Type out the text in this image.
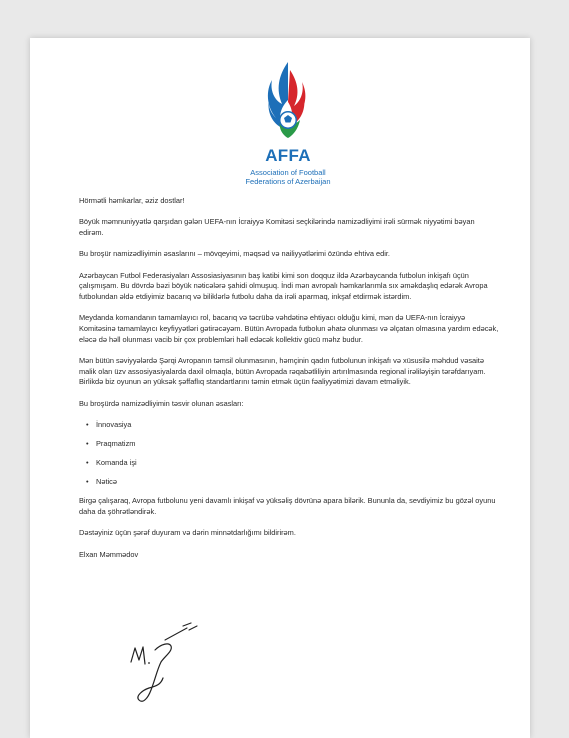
AFFA
Association of Football
Federations of Azerbaijan

Hörmətli həmkarlar, əziz dostlar!

Böyük məmnuniyyətlə qarşıdan gələn UEFA-nın İcraiyyə Komitəsi seçkilərində namizədliyimi irəli sürmək niyyətimi bəyan edirəm.

Bu broşür namizədliyimin əsaslarını – mövqeyimi, məqsəd və nailiyyətlərimi özündə ehtiva edir.

Azərbaycan Futbol Federasiyaları Assosiasiyasının baş katibi kimi son doqquz ildə Azərbaycanda futbolun inkişafı üçün çalışmışam. Bu dövrdə bəzi böyük nəticələrə şahidi olmuşuq. İndi mən avropalı həmkarlarımla sıx əməkdaşlıq edərək Avropa futbolundan əldə etdiyimiz bacarıq və biliklərlə futbolu daha da irəli aparmaq, inkşaf etdirmək istərdim.

Meydanda komandanın tamamlayıcı rol, bacarıq və təcrübə vəhdətinə ehtiyacı olduğu kimi, mən də UEFA-nın İcraiyyə Komitəsinə tamamlayıcı keyfiyyətləri gətirəcəyəm. Bütün Avropada futbolun əhatə olunması və əlçatan olmasına yardım edəcək, eləcə də həll olunması vacib bir çox problemləri həll edəcək kollektiv gücü məhz budur.

Mən bütün səviyyələrdə Şərqi Avropanın təmsil olunmasının, həmçinin qadın futbolunun inkişafı və xüsusilə məhdud vəsaitə malik olan üzv assosiyasiyalarda daxil olmaqla, bütün Avropada rəqabətliliyin artırılmasında regional irəliləyişin tərəfdarıyam. Birlikdə biz oyunun ən yüksək şəffaflıq standartlarını təmin etmək üçün fəaliyyətimizi davam etməliyik.

Bu broşürdə namizədliyimin təsvir olunan əsasları:

• İnnovasiya
• Praqmatizm
• Komanda işi
• Nəticə

Birgə çalışaraq, Avropa futbolunu yeni davamlı inkişaf və yüksəliş dövrünə apara bilərik. Bununla da, sevdiyimiz bu gözəl oyunu daha da şöhrətləndirək.

Dəstəyiniz üçün şərəf duyuram və dərin minnətdarlığımı bildirirəm.

Elxan Məmmədov
